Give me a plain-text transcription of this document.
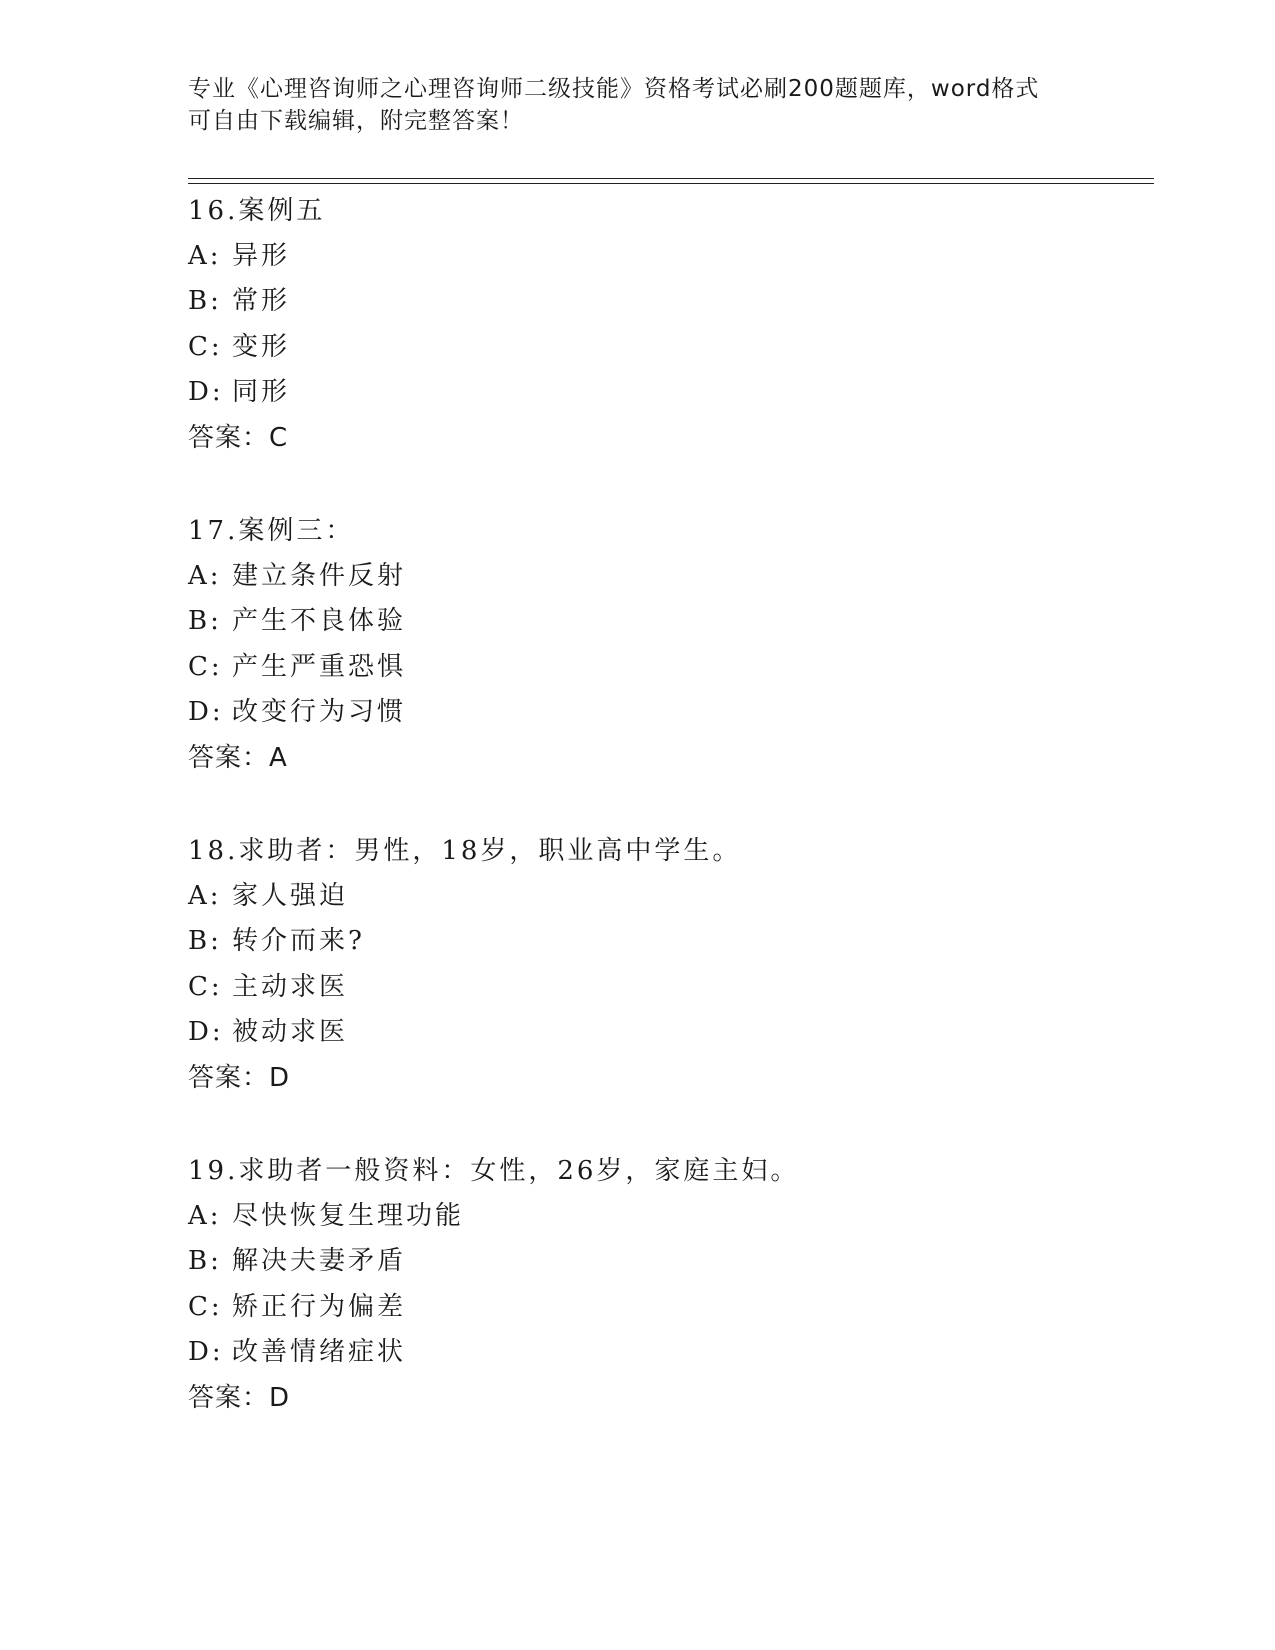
专业《心理咨询师之心理咨询师二级技能》资格考试必刷200题题库，word格式
可自由下载编辑，附完整答案！
16.案例五
A: 异形
B: 常形
C: 变形
D: 同形
答案：C
17.案例三：
A: 建立条件反射
B: 产生不良体验
C: 产生严重恐惧
D: 改变行为习惯
答案：A
18.求助者：男性，18岁，职业高中学生。
A: 家人强迫
B: 转介而来?
C: 主动求医
D: 被动求医
答案：D
19.求助者一般资料：女性，26岁，家庭主妇。
A: 尽快恢复生理功能
B: 解决夫妻矛盾
C: 矫正行为偏差
D: 改善情绪症状
答案：D
